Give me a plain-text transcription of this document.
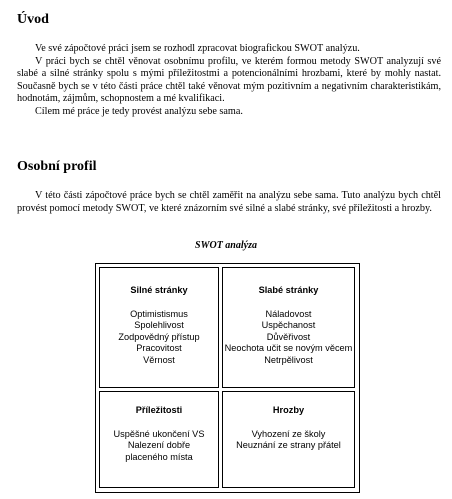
Úvod

Ve své zápočtové práci jsem se rozhodl zpracovat biografickou SWOT analýzu.

V práci bych se chtěl věnovat osobnímu profilu, ve kterém formou metody SWOT analyzují své slabé a silné stránky spolu s mými příležitostmi a potencionálními hrozbami, které by mohly nastat. Současně bych se v této části práce chtěl také věnovat mým pozitivním a negativním charakteristikám, hodnotám, zájmům, schopnostem a mé kvalifikaci.

Cílem mé práce je tedy provést analýzu sebe sama.

Osobní profil

V této části zápočtové práce bych se chtěl zaměřit na analýzu sebe sama. Tuto analýzu bych chtěl provést pomocí metody SWOT, ve které znázorním své silné a slabé stránky, své příležitosti a hrozby.

SWOT analýza
Silné stránky
Optimistismus
Spolehlivost
Zodpovědný přístup
Pracovitost
Věrnost
Slabé stránky
Náladovost
Uspěchanost
Důvěřivost
Neochota učit se novým věcem
Netrpělivost
Příležitosti
Uspěšné ukončení VS
Nalezení dobře placeného místa
Hrozby
Vyhození ze školy
Neuznání ze strany přátel
